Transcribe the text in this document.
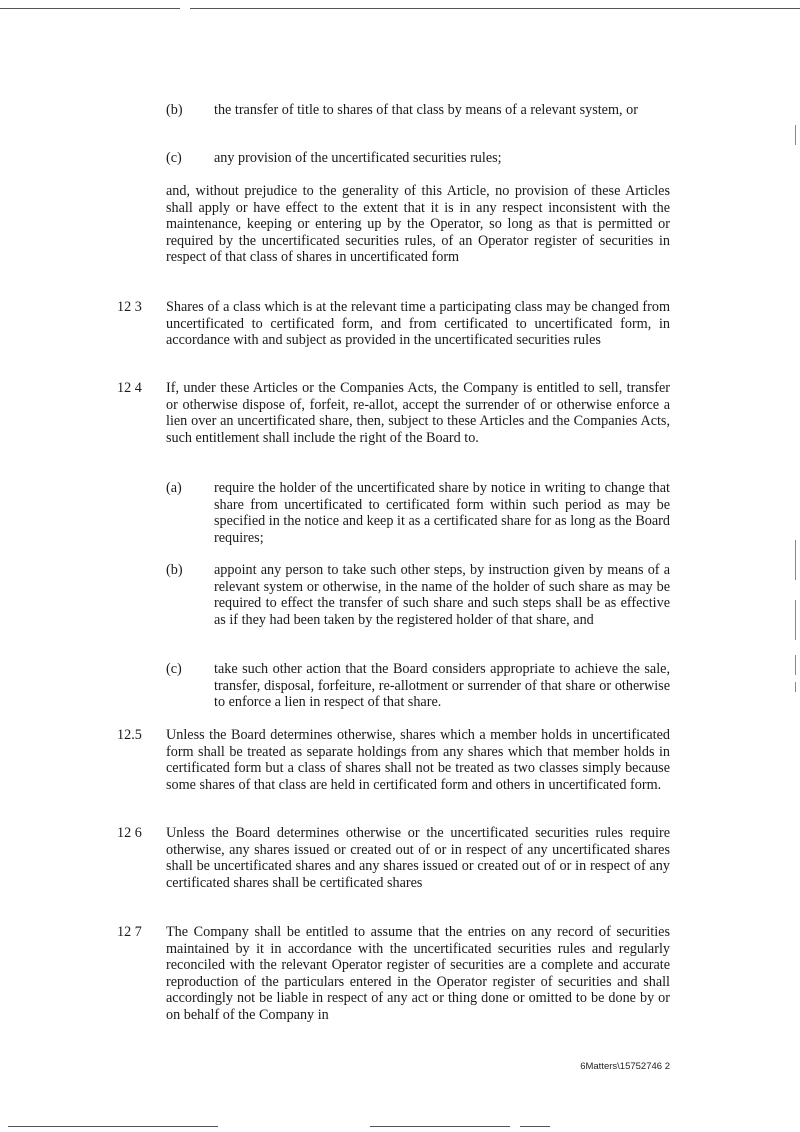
(b) the transfer of title to shares of that class by means of a relevant system, or
(c) any provision of the uncertificated securities rules;
and, without prejudice to the generality of this Article, no provision of these Articles shall apply or have effect to the extent that it is in any respect inconsistent with the maintenance, keeping or entering up by the Operator, so long as that is permitted or required by the uncertificated securities rules, of an Operator register of securities in respect of that class of shares in uncertificated form
12 3 Shares of a class which is at the relevant time a participating class may be changed from uncertificated to certificated form, and from certificated to uncertificated form, in accordance with and subject as provided in the uncertificated securities rules
12 4 If, under these Articles or the Companies Acts, the Company is entitled to sell, transfer or otherwise dispose of, forfeit, re-allot, accept the surrender of or otherwise enforce a lien over an uncertificated share, then, subject to these Articles and the Companies Acts, such entitlement shall include the right of the Board to.
(a) require the holder of the uncertificated share by notice in writing to change that share from uncertificated to certificated form within such period as may be specified in the notice and keep it as a certificated share for as long as the Board requires;
(b) appoint any person to take such other steps, by instruction given by means of a relevant system or otherwise, in the name of the holder of such share as may be required to effect the transfer of such share and such steps shall be as effective as if they had been taken by the registered holder of that share, and
(c) take such other action that the Board considers appropriate to achieve the sale, transfer, disposal, forfeiture, re-allotment or surrender of that share or otherwise to enforce a lien in respect of that share.
12.5 Unless the Board determines otherwise, shares which a member holds in uncertificated form shall be treated as separate holdings from any shares which that member holds in certificated form but a class of shares shall not be treated as two classes simply because some shares of that class are held in certificated form and others in uncertificated form.
12 6 Unless the Board determines otherwise or the uncertificated securities rules require otherwise, any shares issued or created out of or in respect of any uncertificated shares shall be uncertificated shares and any shares issued or created out of or in respect of any certificated shares shall be certificated shares
12 7 The Company shall be entitled to assume that the entries on any record of securities maintained by it in accordance with the uncertificated securities rules and regularly reconciled with the relevant Operator register of securities are a complete and accurate reproduction of the particulars entered in the Operator register of securities and shall accordingly not be liable in respect of any act or thing done or omitted to be done by or on behalf of the Company in
6Matters\15752746 2
